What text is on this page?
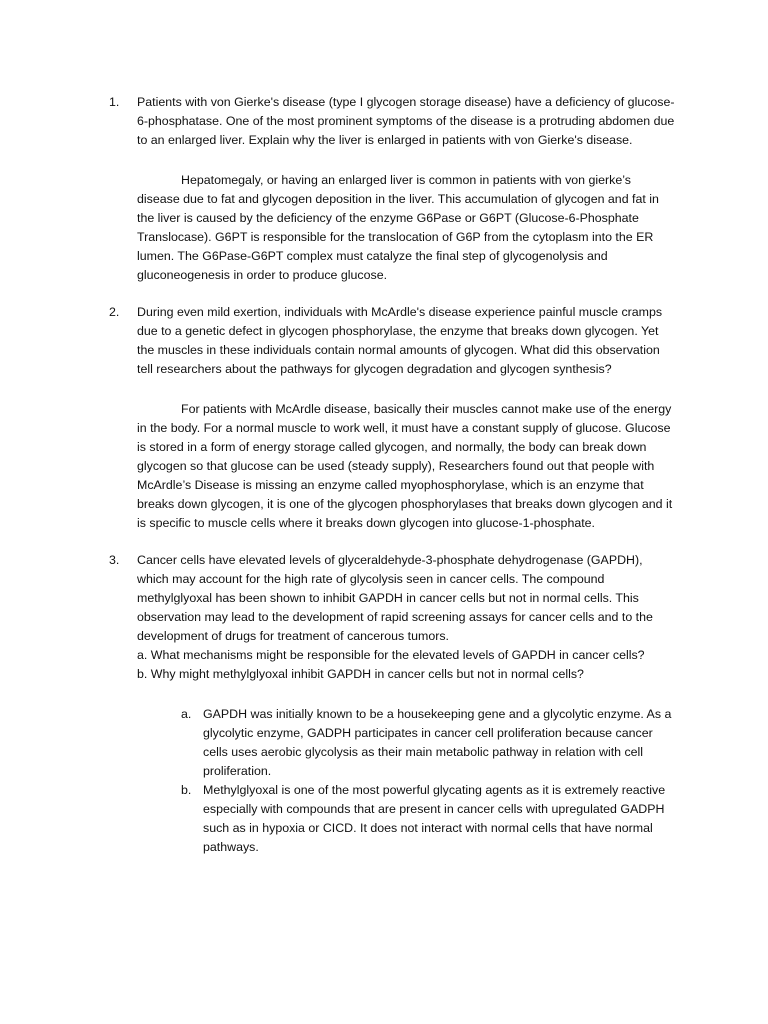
1.	Patients with von Gierke's disease (type I glycogen storage disease) have a deficiency of glucose-6-phosphatase. One of the most prominent symptoms of the disease is a protruding abdomen due to an enlarged liver. Explain why the liver is enlarged in patients with von Gierke's disease.

Hepatomegaly, or having an enlarged liver is common in patients with von gierke’s disease due to fat and glycogen deposition in the liver. This accumulation of glycogen and fat in the liver is caused by the deficiency of the enzyme G6Pase or G6PT (Glucose-6-Phosphate Translocase). G6PT is responsible for the translocation of G6P from the cytoplasm into the ER lumen. The G6Pase-G6PT complex must catalyze the final step of glycogenolysis and gluconeogenesis in order to produce glucose.

2.	During even mild exertion, individuals with McArdle's disease experience painful muscle cramps due to a genetic defect in glycogen phosphorylase, the enzyme that breaks down glycogen. Yet the muscles in these individuals contain normal amounts of glycogen. What did this observation tell researchers about the pathways for glycogen degradation and glycogen synthesis?

For patients with McArdle disease, basically their muscles cannot make use of the energy in the body. For a normal muscle to work well, it must have a constant supply of glucose. Glucose is stored in a form of energy storage called glycogen, and normally, the body can break down glycogen so that glucose can be used (steady supply), Researchers found out that people with McArdle’s Disease is missing an enzyme called myophosphorylase, which is an enzyme that breaks down glycogen, it is one of the glycogen phosphorylases that breaks down glycogen and it is specific to muscle cells where it breaks down glycogen into glucose-1-phosphate.

3.	Cancer cells have elevated levels of glyceraldehyde-3-phosphate dehydrogenase (GAPDH), which may account for the high rate of glycolysis seen in cancer cells. The compound methylglyoxal has been shown to inhibit GAPDH in cancer cells but not in normal cells. This observation may lead to the development of rapid screening assays for cancer cells and to the development of drugs for treatment of cancerous tumors.

a. What mechanisms might be responsible for the elevated levels of GAPDH in cancer cells?

b. Why might methylglyoxal inhibit GAPDH in cancer cells but not in normal cells?

a. GAPDH was initially known to be a housekeeping gene and a glycolytic enzyme. As a glycolytic enzyme, GADPH participates in cancer cell proliferation because cancer cells uses aerobic glycolysis as their main metabolic pathway in relation with cell proliferation.
b. Methylglyoxal is one of the most powerful glycating agents as it is extremely reactive especially with compounds that are present in cancer cells with upregulated GADPH such as in hypoxia or CICD. It does not interact with normal cells that have normal pathways.
